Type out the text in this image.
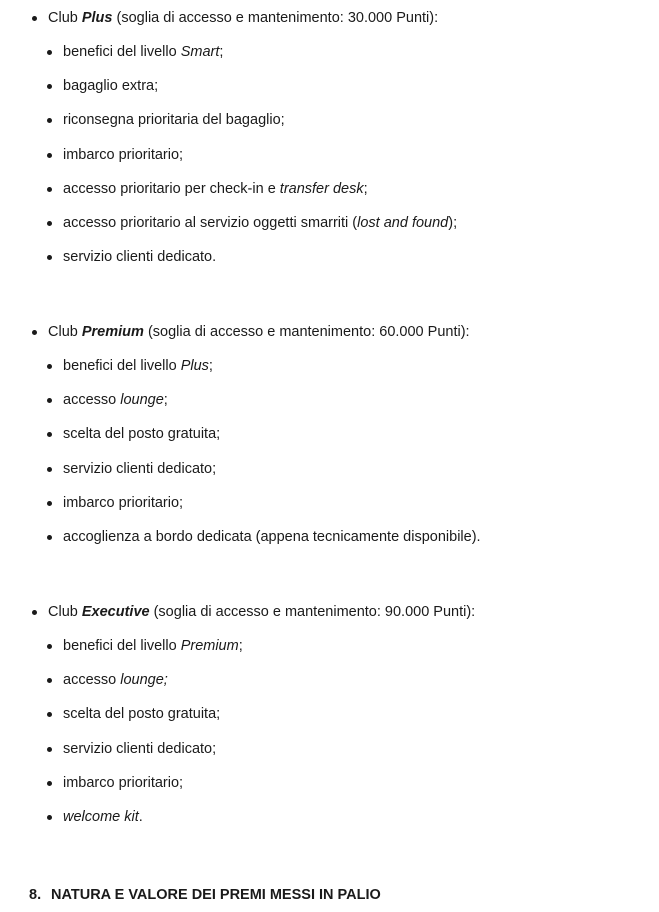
Club Plus (soglia di accesso e mantenimento: 30.000 Punti):
benefici del livello Smart;
bagaglio extra;
riconsegna prioritaria del bagaglio;
imbarco prioritario;
accesso prioritario per check-in e transfer desk;
accesso prioritario al servizio oggetti smarriti (lost and found);
servizio clienti dedicato.
Club Premium (soglia di accesso e mantenimento: 60.000 Punti):
benefici del livello Plus;
accesso lounge;
scelta del posto gratuita;
servizio clienti dedicato;
imbarco prioritario;
accoglienza a bordo dedicata (appena tecnicamente disponibile).
Club Executive (soglia di accesso e mantenimento: 90.000 Punti):
benefici del livello Premium;
accesso lounge;
scelta del posto gratuita;
servizio clienti dedicato;
imbarco prioritario;
welcome kit.
8. NATURA E VALORE DEI PREMI MESSI IN PALIO
